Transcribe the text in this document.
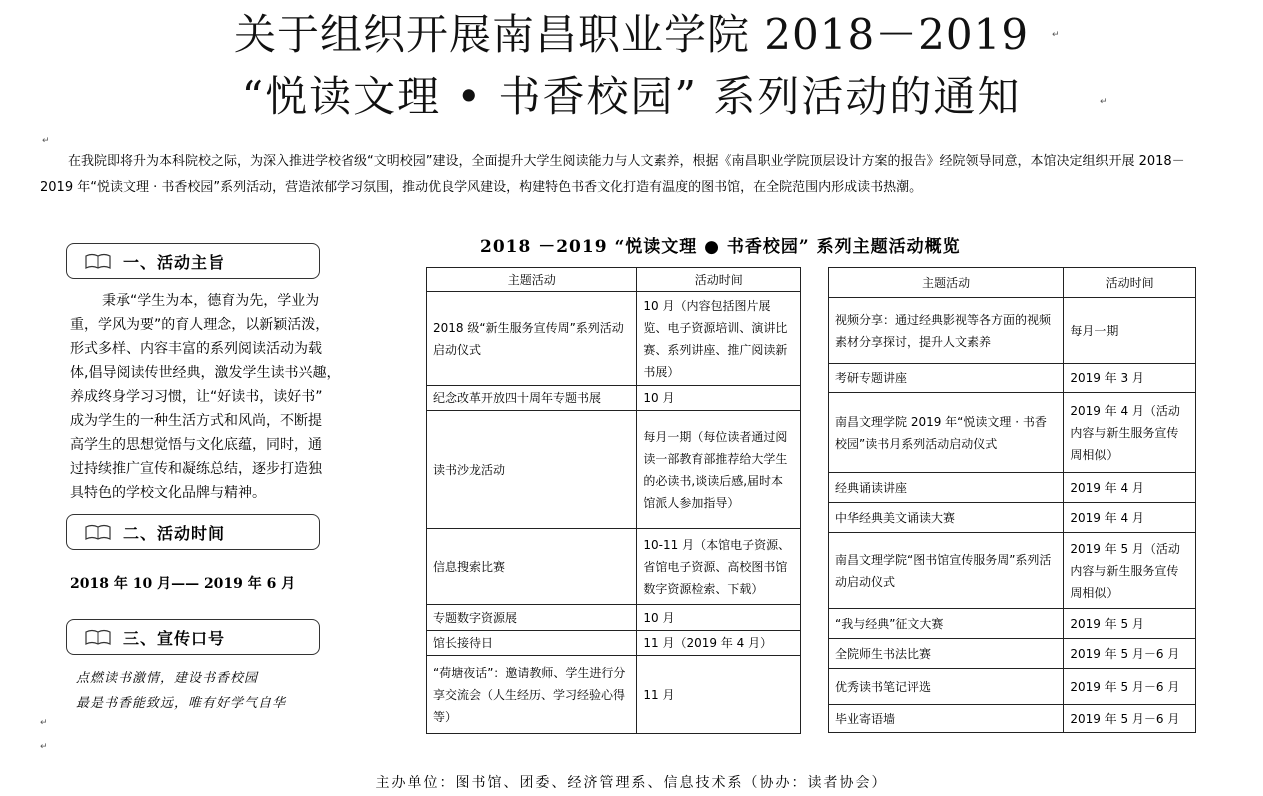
关于组织开展南昌职业学院 2018－2019
“悦读文理 • 书香校园” 系列活动的通知
↵
↵
↵
在我院即将升为本科院校之际，为深入推进学校省级“文明校园”建设，全面提升大学生阅读能力与人文素养，根据《南昌职业学院顶层设计方案的报告》经院领导同意，本馆决定组织开展 2018－2019 年“悦读文理 · 书香校园”系列活动，营造浓郁学习氛围，推动优良学风建设，构建特色书香文化打造有温度的图书馆，在全院范围内形成读书热潮。
一、活动主旨

秉承“学生为本，德育为先，学业为

重，学风为要”的育人理念，以新颖活泼，

形式多样、内容丰富的系列阅读活动为载

体,倡导阅读传世经典，激发学生读书兴趣，

养成终身学习习惯，让“好读书，读好书”

成为学生的一种生活方式和风尚，不断提

高学生的思想觉悟与文化底蕴，同时，通

过持续推广宣传和凝练总结，逐步打造独

具特色的学校文化品牌与精神。

二、活动时间
2018 年 10 月—— 2019 年 6 月
三、宣传口号
点燃读书激情，建设书香校园
最是书香能致远，唯有好学气自华
2018 －2019 “悦读文理 ● 书香校园” 系列主题活动概览
主题活动	活动时间
2018 级“新生服务宣传周”系列活动启动仪式	10 月（内容包括图片展览、电子资源培训、演讲比赛、系列讲座、推广阅读新书展）
纪念改革开放四十周年专题书展	10 月
读书沙龙活动	每月一期（每位读者通过阅读一部教育部推荐给大学生的必读书,谈读后感,届时本馆派人参加指导）
信息搜索比赛	10-11 月（本馆电子资源、省馆电子资源、高校图书馆数字资源检索、下载）
专题数字资源展	10 月
馆长接待日	11 月（2019 年 4 月）
“荷塘夜话”：邀请教师、学生进行分享交流会（人生经历、学习经验心得等）	11 月
主题活动	活动时间
视频分享：通过经典影视等各方面的视频素材分享探讨，提升人文素养	每月一期
考研专题讲座	2019 年 3 月
南昌文理学院 2019 年“悦读文理 · 书香校园”读书月系列活动启动仪式	2019 年 4 月（活动内容与新生服务宣传周相似）
经典诵读讲座	2019 年 4 月
中华经典美文诵读大赛	2019 年 4 月
南昌文理学院“图书馆宣传服务周”系列活动启动仪式	2019 年 5 月（活动内容与新生服务宣传周相似）
“我与经典”征文大赛	2019 年 5 月
全院师生书法比赛	2019 年 5 月－6 月
优秀读书笔记评选	2019 年 5 月－6 月
毕业寄语墙	2019 年 5 月－6 月
主办单位：图书馆、团委、经济管理系、信息技术系（协办：读者协会）
↵
↵
